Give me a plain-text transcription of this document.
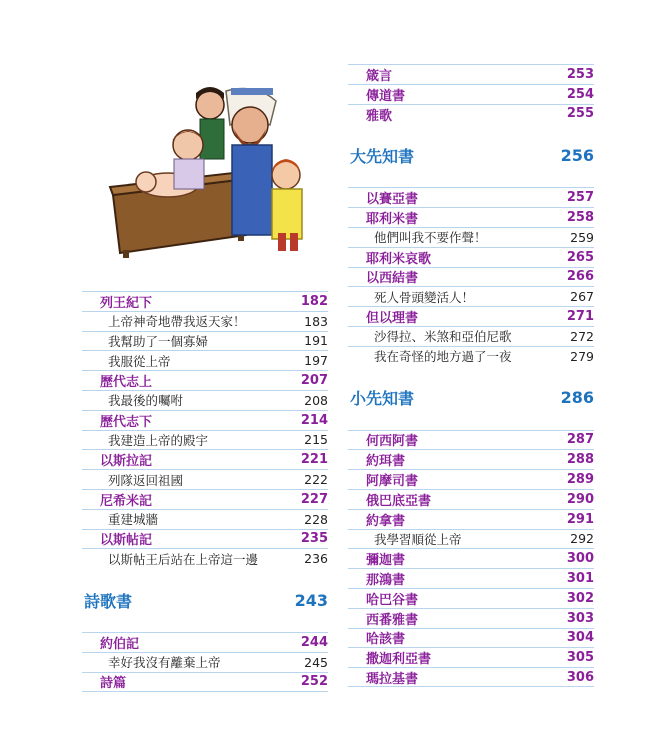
列王紀下	182
上帝神奇地帶我返天家！	183
我幫助了一個寡婦	191
我服從上帝	197
歷代志上	207
我最後的囑咐	208
歷代志下	214
我建造上帝的殿宇	215
以斯拉記	221
列隊返回祖國	222
尼希米記	227
重建城牆	228
以斯帖記	235
以斯帖王后站在上帝這一邊	236
詩歌書	243
約伯記	244
幸好我沒有離棄上帝	245
詩篇	252
箴言	253
傳道書	254
雅歌	255
大先知書	256
以賽亞書	257
耶利米書	258
他們叫我不要作聲！	259
耶利米哀歌	265
以西結書	266
死人骨頭變活人！	267
但以理書	271
沙得拉、米煞和亞伯尼歌	272
我在奇怪的地方過了一夜	279
小先知書	286
何西阿書	287
約珥書	288
阿摩司書	289
俄巴底亞書	290
約拿書	291
我學習順從上帝	292
彌迦書	300
那鴻書	301
哈巴谷書	302
西番雅書	303
哈該書	304
撒迦利亞書	305
瑪拉基書	306
